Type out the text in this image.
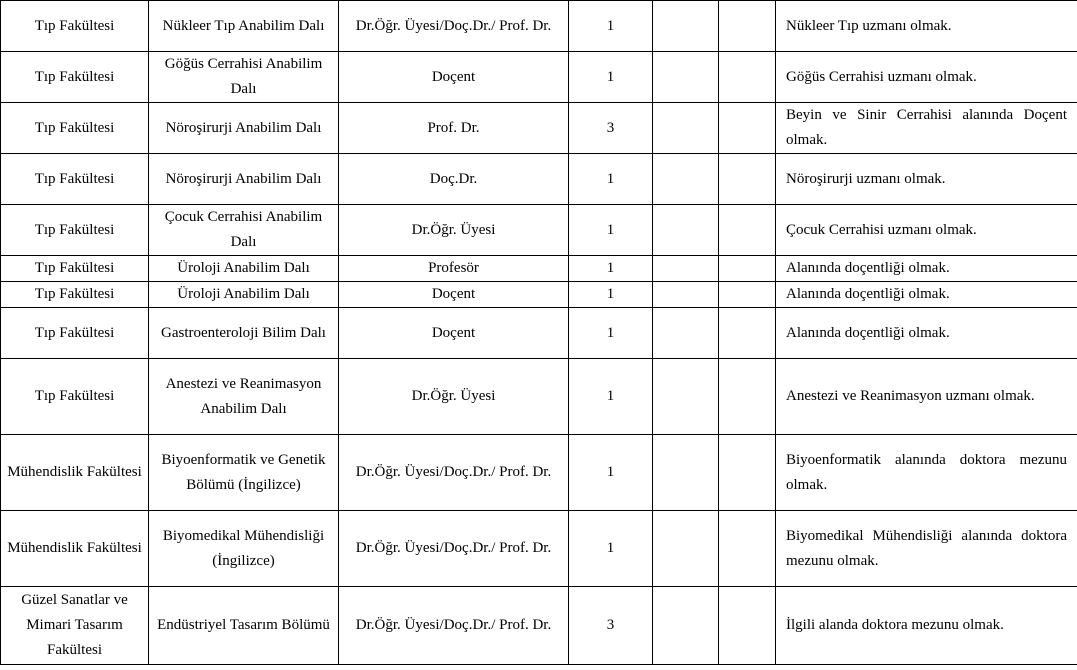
Tıp Fakültesi	Nükleer Tıp Anabilim Dalı	Dr.Öğr. Üyesi/Doç.Dr./ Prof. Dr.	1			Nükleer Tıp uzmanı olmak.
Tıp Fakültesi	Göğüs Cerrahisi Anabilim Dalı	Doçent	1			Göğüs Cerrahisi uzmanı olmak.
Tıp Fakültesi	Nöroşirurji Anabilim Dalı	Prof. Dr.	3			Beyin ve Sinir Cerrahisi alanında Doçent olmak.
Tıp Fakültesi	Nöroşirurji Anabilim Dalı	Doç.Dr.	1			Nöroşirurji uzmanı olmak.
Tıp Fakültesi	Çocuk Cerrahisi Anabilim Dalı	Dr.Öğr. Üyesi	1			Çocuk Cerrahisi uzmanı olmak.
Tıp Fakültesi	Üroloji Anabilim Dalı	Profesör	1			Alanında doçentliği olmak.
Tıp Fakültesi	Üroloji Anabilim Dalı	Doçent	1			Alanında doçentliği olmak.
Tıp Fakültesi	Gastroenteroloji Bilim Dalı	Doçent	1			Alanında doçentliği olmak.
Tıp Fakültesi	Anestezi ve Reanimasyon Anabilim Dalı	Dr.Öğr. Üyesi	1			Anestezi ve Reanimasyon uzmanı olmak.
Mühendislik Fakültesi	Biyoenformatik ve Genetik Bölümü (İngilizce)	Dr.Öğr. Üyesi/Doç.Dr./ Prof. Dr.	1			Biyoenformatik alanında doktora mezunu olmak.
Mühendislik Fakültesi	Biyomedikal Mühendisliği (İngilizce)	Dr.Öğr. Üyesi/Doç.Dr./ Prof. Dr.	1			Biyomedikal Mühendisliği alanında doktora mezunu olmak.
Güzel Sanatlar ve Mimari Tasarım Fakültesi	Endüstriyel Tasarım Bölümü	Dr.Öğr. Üyesi/Doç.Dr./ Prof. Dr.	3			İlgili alanda doktora mezunu olmak.
